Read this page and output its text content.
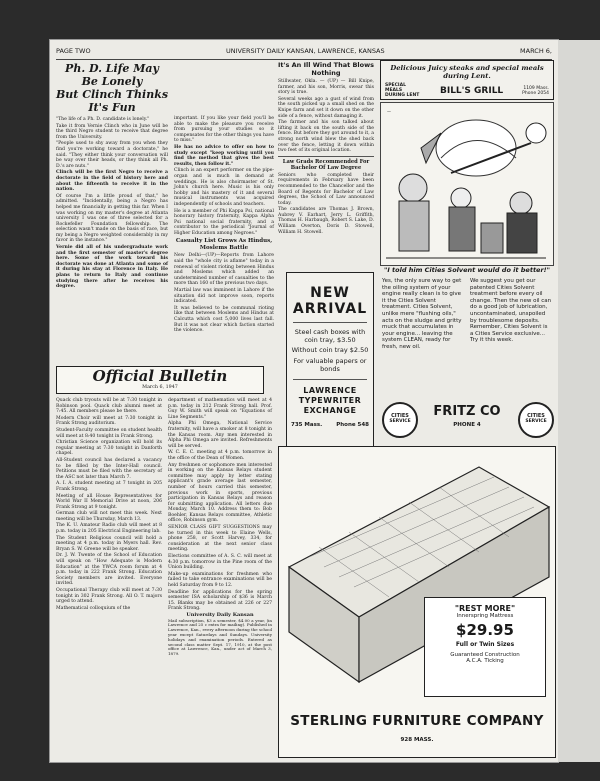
PAGE TWO	UNIVERSITY DAILY KANSAN, LAWRENCE, KANSAS	MARCH 6,
Ph. D. Life May Be Lonely
But Clinch Thinks It's Fun

"The life of a Ph. D. candidate is lonely."

Take it from Vernie Clinch who in June will be the third Negro student to receive that degree from the University.

"People used to shy away from you when they find you're working toward a doctorate," he said. "They either think your conversation will be way over their heads, or they think all Ph. D.'s are nuts."

Clinch will be the first Negro to receive a doctorate in the field of history here and about the fifteenth to receive it in the nation.

Of course I'm a little proud of that," he admitted. "Incidentally, being a Negro has helped me financially in getting this far. When I was working on my master's degree at Atlanta university I was one of three selected for a Rockefeller Foundation fellowship. The selection wasn't made on the basis of race, but my being a Negro weighted considerably in my favor in the instance."

Vernie did all of his undergraduate work and the first semester of master's degree here. Some of the work toward his doctorate was done at Atlanta and some of it during his stay at Florence in Italy. He plans to return to Italy and continue studying there after he receives his degree.

important. If you like your field you'll be able to make the pleasure you receive from pursuing your studies so it compensates for the other things you have to miss."

He has no advice to offer on how to study except "keep working until you find the method that gives the best results, then follow it."

Clinch is an expert performer on the pipe-organ and is much in demand at weddings. He is also choirmaster of St. John's church here. Music is his only hobby and his mastery of it and several musical instruments was acquired independently of schools and teachers.

He is a member of Phi Kappa Psi, national honorary history fraternity, Kappa Alpha Psi national social fraternity, and a contributor to the periodical "Journal of Higher Education among Negroes."

Casualty List Grows As Hindus, Moslems Battle

New Delhi—(UP)—Reports from Lahore said the "whole city is aflame" today in a renewal of violent rioting between Hindus and Moslems which added an undetermined number of casualties to the more than 160 of the previous two days.

Martial law was imminent in Lahore if the situation did not improve soon, reports indicated.

It was believed to be communal rioting like that between Moslems and Hindus at Calcutta which cost 5,000 lives last fall. But it was not clear which faction started the violence.

Official Bulletin
March 6, 1947

Quack club tryouts will be at 7:30 tonight in Robinson pool. Quack club alumni meet at 7:45. All members please be there.

Modern Choir will meet at 7:30 tonight in Frank Strong auditorium.

Student-Faculty committee on student health will meet at 8:40 tonight in Frank Strong.

Christian Science organization will hold its regular meeting at 7:30 tonight in Danforth chapel.

All-Student council has declared a vacancy to be filled by the Inter-Hall council. Petitions must be filed with the secretary of the ASC not later than March 7.

A. I. A. student meeting at 7 tonight in 205 Frank Strong.

Meeting of all House Representatives for World War II Memorial Drive at noon, 206 Frank Strong at 9 tonight.

German club will not meet this week. Next meeting will be Thursday, March 13.

The K. U. Amateur Radio club will meet at 8 p.m. today in 205 Electrical Engineering lab.

The Student Religious council will hold a meeting at 4 p.m. today in Myers hall. Rev. Bryan S. W. Greene will be speaker.

Dr. J. W. Twente of the School of Education will speak on "How Adequate is Modern Education" at the YWCA room forum at 4 p.m. today in 222 Frank Strong. Education Society members are invited. Everyone invited.

Occupational Therapy club will meet at 7:30 tonight in 302 Frank Strong. All O. T. majors urged to attend.

Mathematical colloquium of the

department of mathematics will meet at 4 p.m. today in 212 Frank Strong hall. Prof. Guy W. Smith will speak on "Equations of Line Segments."

Alpha Phi Omega, National Service fraternity, will have a smoker at 8 tonight in the Kansas room. Any men interested in Alpha Phi Omega are invited. Refreshments will be served.

W. C. E. C. meeting at 4 p.m. tomorrow in the office of the Dean of Women.

Any freshmen or sophomore men interested in working on the Kansas Relays student committee may apply by letter stating applicant's grade average last semester, number of hours carried this semester, previous work in sports, previous participation in Kansas Relays and reason for submitting application. All letters due Monday, March 10. Address them to: Bob Boehler, Kansas Relays committee, Athletic office, Robinson gym.

SENIOR CLASS GIFT SUGGESTIONS may be turned in this week to Elaine Wells, phone 258, or Scott Harvey, 334, for consideration at the next senior class meeting.

Elections committee of A. S. C. will meet at 4:30 p.m. tomorrow in the Pine room of the Union building.

Make-up examinations for freshmen who failed to take entrance examinations will be held Saturday from 9 to 12.

Deadline for applications for the spring semester ISA scholarship of $36 is March 15. Blanks may be obtained at 226 or 227 Frank Strong.

University Daily Kansan

Mail subscription, $3 a semester, $4.00 a year, (in Lawrence and 25 c extra for mailing). Published in Lawrence, Kan., every afternoon during the school year except Saturdays and Sundays. University holidays and examination periods. Entered as second class matter Sept. 17, 1910, at the post office at Lawrence, Kan., under act of March 3, 1879.

It's An Ill Wind That Blows Nothing

Stillwater, Okla. — (UP) — Bill Knipe, farmer, and his son, Morris, swear this story is true.

Several weeks ago a gust of wind from the south picked up a small shed on the Knipe farm and set it down on the other side of a fence, without damaging it.

The farmer and his son talked about lifting it back on the south side of the fence. But before they got around to it, a strong north wind blew the shed back over the fence, letting it down within two feet of its original location.

Law Grads Recommended For Bachelor Of Law Degree

Seniors who completed their requirements in February have been recommended to the Chancellor and the Board of Regents for Bachelor of Law degrees, the School of Law announced today.

The candidates are Thomas J. Brown, Aubrey V. Earhart, Jerry L. Griffith, Thomas H. Harbaugh, Robert S. Lake, D. William Overton, Doris D. Stowell, William H. Stowell.

NEW
ARRIVAL
Steel cash boxes with coin tray, $3.50
Without coin tray $2.50
For valuable papers or bonds
LAWRENCE
TYPEWRITER
EXCHANGE
735 Mass.	Phone 548
Delicious Juicy steaks and special meals during Lent.
SPECIAL MEALS DURING LENT BILL'S GRILL	1109 Mass.
Phone 2054
—
"I told him Cities Solvent would do it better!"
Yes, the only sure way to get the oiling system of your engine really clean is to give it the Cities Solvent treatment. Cities Solvent, unlike mere "flushing oils," acts on the sludge and gritty muck that accumulates in your engine... leaving the system CLEAN, ready for fresh, new oil.
We suggest you get our patented Cities Solvent treatment before every oil change. Then the new oil can do a good job of lubrication, uncontaminated, unspoiled by troublesome deposits. Remember, Cities Solvent is a Cities Service exclusive... Try it this week.
CITIES
SERVICE
FRITZ CO
PHONE 4
CITIES
SERVICE
"REST MORE"
Innerspring Mattress
$29.95
Full or Twin Sizes
Guaranteed Construction
A.C.A. Ticking
STERLING FURNITURE COMPANY
928 MASS.
